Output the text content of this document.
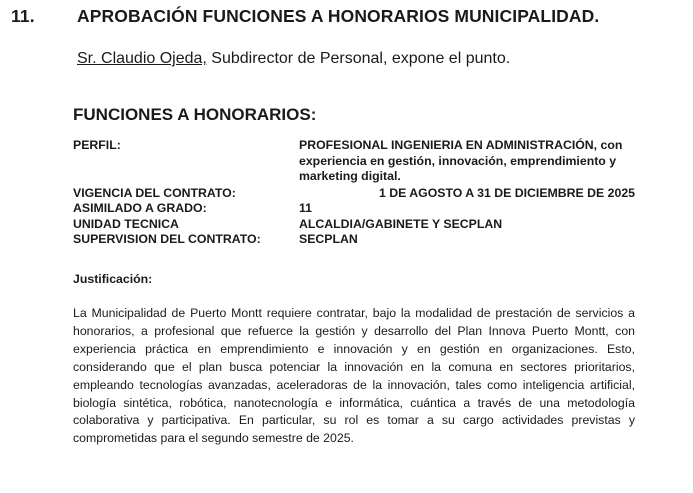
11. APROBACIÓN FUNCIONES A HONORARIOS MUNICIPALIDAD.
Sr. Claudio Ojeda, Subdirector de Personal, expone el punto.
FUNCIONES A HONORARIOS:
PERFIL:	PROFESIONAL INGENIERIA EN ADMINISTRACIÓN, con experiencia en gestión, innovación, emprendimiento y marketing digital.
VIGENCIA DEL CONTRATO:	1 DE AGOSTO A 31 DE DICIEMBRE DE 2025
ASIMILADO A GRADO:	11
UNIDAD TECNICA	ALCALDIA/GABINETE Y SECPLAN
SUPERVISION DEL CONTRATO:	SECPLAN
Justificación:
La Municipalidad de Puerto Montt requiere contratar, bajo la modalidad de prestación de servicios a honorarios, a profesional que refuerce la gestión y desarrollo del Plan Innova Puerto Montt, con experiencia práctica en emprendimiento e innovación y en gestión en organizaciones. Esto, considerando que el plan busca potenciar la innovación en la comuna en sectores prioritarios, empleando tecnologías avanzadas, aceleradoras de la innovación, tales como inteligencia artificial, biología sintética, robótica, nanotecnología e informática, cuántica a través de una metodología colaborativa y participativa. En particular, su rol es tomar a su cargo actividades previstas y comprometidas para el segundo semestre de 2025.
